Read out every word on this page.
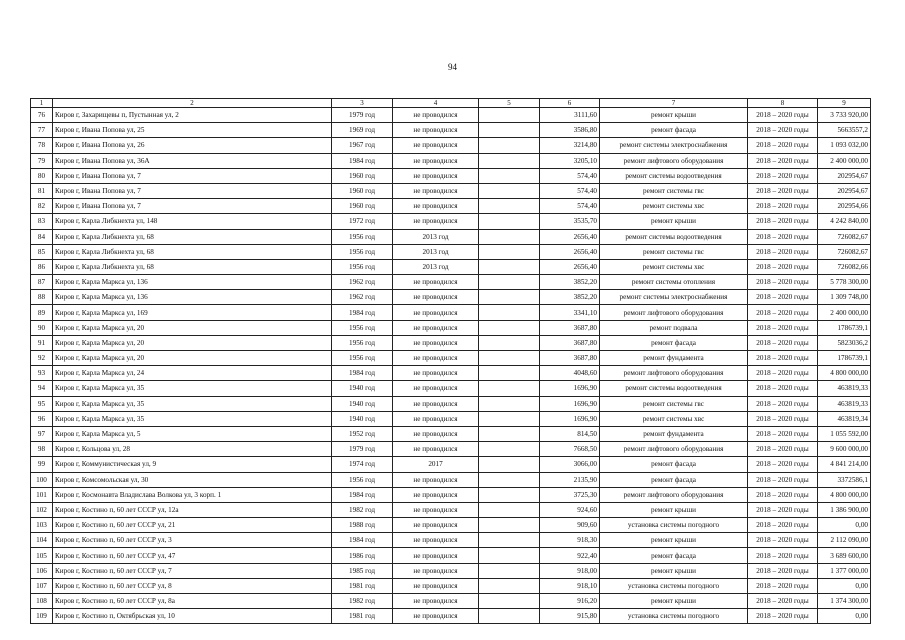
94
1	2	3	4	5	6	7	8	9
76	Киров г, Захарищевы п, Пустынная ул, 2	1979 год	не проводился		3111,60	ремонт крыши	2018 – 2020 годы	3 733 920,00
77	Киров г, Ивана Попова ул, 25	1969 год	не проводился		3586,80	ремонт фасада	2018 – 2020 годы	5663557,2
78	Киров г, Ивана Попова ул, 26	1967 год	не проводился		3214,80	ремонт системы электроснабжения	2018 – 2020 годы	1 093 032,00
79	Киров г, Ивана Попова ул, 36А	1984 год	не проводился		3205,10	ремонт лифтового оборудования	2018 – 2020 годы	2 400 000,00
80	Киров г, Ивана Попова ул, 7	1960 год	не проводился		574,40	ремонт системы водоотведения	2018 – 2020 годы	202954,67
81	Киров г, Ивана Попова ул, 7	1960 год	не проводился		574,40	ремонт системы гвс	2018 – 2020 годы	202954,67
82	Киров г, Ивана Попова ул, 7	1960 год	не проводился		574,40	ремонт системы хвс	2018 – 2020 годы	202954,66
83	Киров г, Карла Либкнехта ул, 148	1972 год	не проводился		3535,70	ремонт крыши	2018 – 2020 годы	4 242 840,00
84	Киров г, Карла Либкнехта ул, 68	1956 год	2013 год		2656,40	ремонт системы водоотведения	2018 – 2020 годы	726082,67
85	Киров г, Карла Либкнехта ул, 68	1956 год	2013 год		2656,40	ремонт системы гвс	2018 – 2020 годы	726082,67
86	Киров г, Карла Либкнехта ул, 68	1956 год	2013 год		2656,40	ремонт системы хвс	2018 – 2020 годы	726082,66
87	Киров г, Карла Маркса ул, 136	1962 год	не проводился		3852,20	ремонт системы отопления	2018 – 2020 годы	5 778 300,00
88	Киров г, Карла Маркса ул, 136	1962 год	не проводился		3852,20	ремонт системы электроснабжения	2018 – 2020 годы	1 309 748,00
89	Киров г, Карла Маркса ул, 169	1984 год	не проводился		3341,10	ремонт лифтового оборудования	2018 – 2020 годы	2 400 000,00
90	Киров г, Карла Маркса ул, 20	1956 год	не проводился		3687,80	ремонт подвала	2018 – 2020 годы	1786739,1
91	Киров г, Карла Маркса ул, 20	1956 год	не проводился		3687,80	ремонт фасада	2018 – 2020 годы	5823036,2
92	Киров г, Карла Маркса ул, 20	1956 год	не проводился		3687,80	ремонт фундамента	2018 – 2020 годы	1786739,1
93	Киров г, Карла Маркса ул, 24	1984 год	не проводился		4048,60	ремонт лифтового оборудования	2018 – 2020 годы	4 800 000,00
94	Киров г, Карла Маркса ул, 35	1940 год	не проводился		1696,90	ремонт системы водоотведения	2018 – 2020 годы	463819,33
95	Киров г, Карла Маркса ул, 35	1940 год	не проводился		1696,90	ремонт системы гвс	2018 – 2020 годы	463819,33
96	Киров г, Карла Маркса ул, 35	1940 год	не проводился		1696,90	ремонт системы хвс	2018 – 2020 годы	463819,34
97	Киров г, Карла Маркса ул, 5	1952 год	не проводился		814,50	ремонт фундамента	2018 – 2020 годы	1 055 592,00
98	Киров г, Кольцова ул, 28	1979 год	не проводился		7668,50	ремонт лифтового оборудования	2018 – 2020 годы	9 600 000,00
99	Киров г, Коммунистическая ул, 9	1974 год	2017		3066,00	ремонт фасада	2018 – 2020 годы	4 841 214,00
100	Киров г, Комсомольская ул, 30	1956 год	не проводился		2135,90	ремонт фасада	2018 – 2020 годы	3372586,1
101	Киров г, Космонавта Владислава Волкова ул, 3 корп. 1	1984 год	не проводился		3725,30	ремонт лифтового оборудования	2018 – 2020 годы	4 800 000,00
102	Киров г, Костино п, 60 лет СССР ул, 12а	1982 год	не проводился		924,60	ремонт крыши	2018 – 2020 годы	1 386 900,00
103	Киров г, Костино п, 60 лет СССР ул, 21	1988 год	не проводился		909,60	установка системы погодного	2018 – 2020 годы	0,00
104	Киров г, Костино п, 60 лет СССР ул, 3	1984 год	не проводился		918,30	ремонт крыши	2018 – 2020 годы	2 112 090,00
105	Киров г, Костино п, 60 лет СССР ул, 47	1986 год	не проводился		922,40	ремонт фасада	2018 – 2020 годы	3 689 600,00
106	Киров г, Костино п, 60 лет СССР ул, 7	1985 год	не проводился		918,00	ремонт крыши	2018 – 2020 годы	1 377 000,00
107	Киров г, Костино п, 60 лет СССР ул, 8	1981 год	не проводился		918,10	установка системы погодного	2018 – 2020 годы	0,00
108	Киров г, Костино п, 60 лет СССР ул, 8а	1982 год	не проводился		916,20	ремонт крыши	2018 – 2020 годы	1 374 300,00
109	Киров г, Костино п, Октябрьская ул, 10	1981 год	не проводился		915,80	установка системы погодного	2018 – 2020 годы	0,00
